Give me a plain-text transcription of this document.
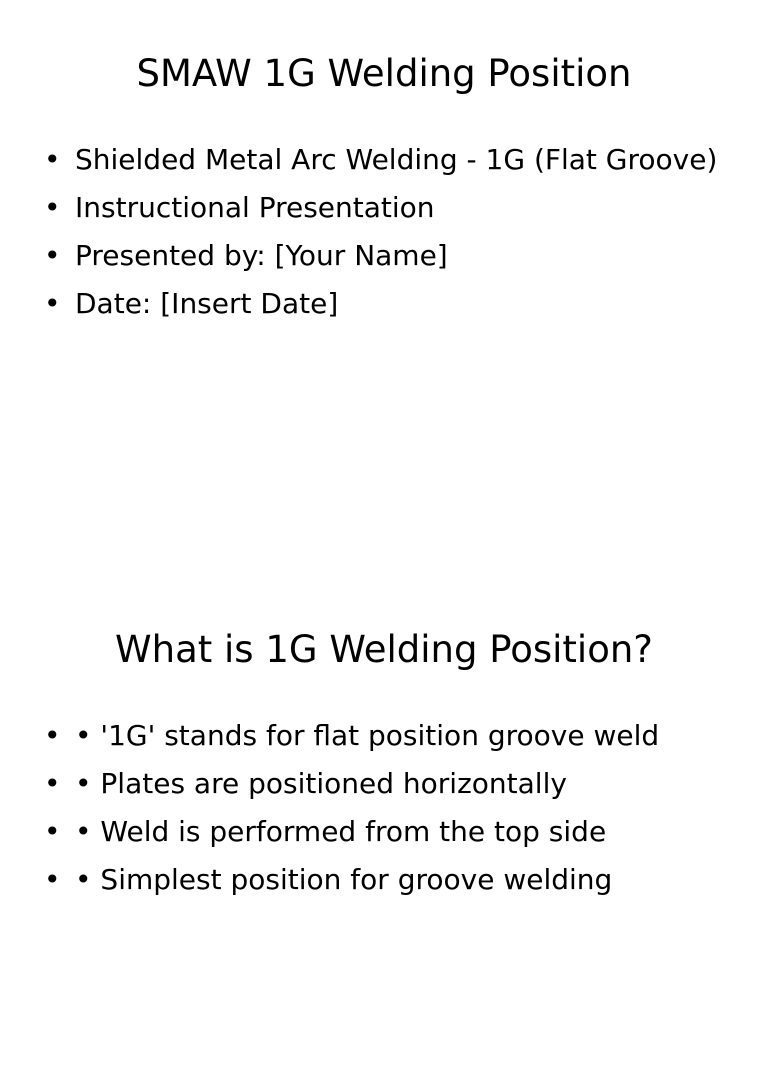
SMAW 1G Welding Position
• Shielded Metal Arc Welding - 1G (Flat Groove)
• Instructional Presentation
• Presented by: [Your Name]
• Date: [Insert Date]
What is 1G Welding Position?
• • '1G' stands for flat position groove weld
• • Plates are positioned horizontally
• • Weld is performed from the top side
• • Simplest position for groove welding
